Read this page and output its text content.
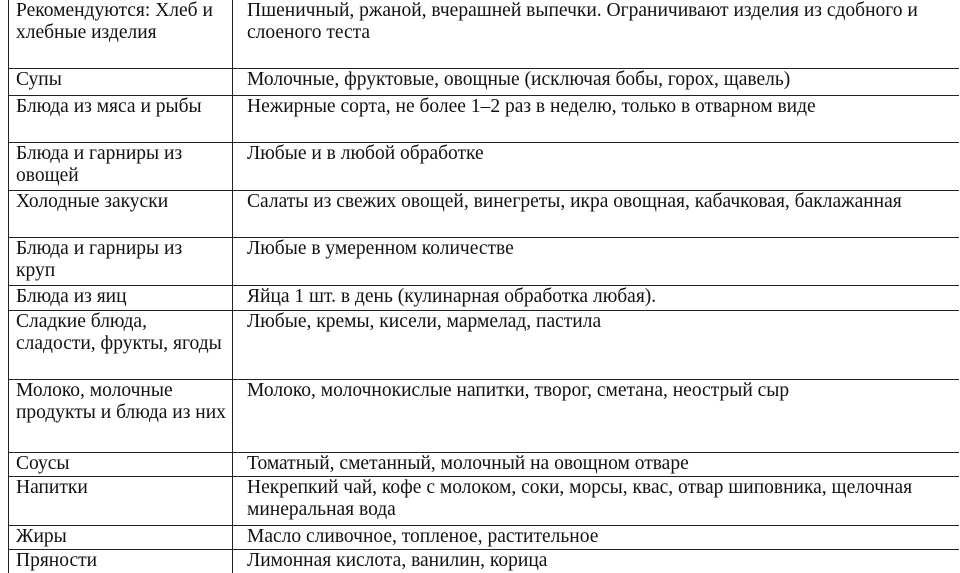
Рекомендуются: Хлеб и хлебные изделия	Пшеничный, ржаной, вчерашней выпечки. Ограничивают изделия из сдобного и слоеного теста
Супы	Молочные, фруктовые, овощные (исключая бобы, горох, щавель)
Блюда из мяса и рыбы	Нежирные сорта, не более 1–2 раз в неделю, только в отварном виде
Блюда и гарниры из овощей	Любые и в любой обработке
Холодные закуски	Салаты из свежих овощей, винегреты, икра овощная, кабачковая, баклажанная
Блюда и гарниры из круп	Любые в умеренном количестве
Блюда из яиц	Яйца 1 шт. в день (кулинарная обработка любая).
Сладкие блюда, сладости, фрукты, ягоды	Любые, кремы, кисели, мармелад, пастила
Молоко, молочные продукты и блюда из них	Молоко, молочнокислые напитки, творог, сметана, неострый сыр
Соусы	Томатный, сметанный, молочный на овощном отваре
Напитки	Некрепкий чай, кофе с молоком, соки, морсы, квас, отвар шиповника, щелочная минеральная вода
Жиры	Масло сливочное, топленое, растительное
Пряности	Лимонная кислота, ванилин, корица
